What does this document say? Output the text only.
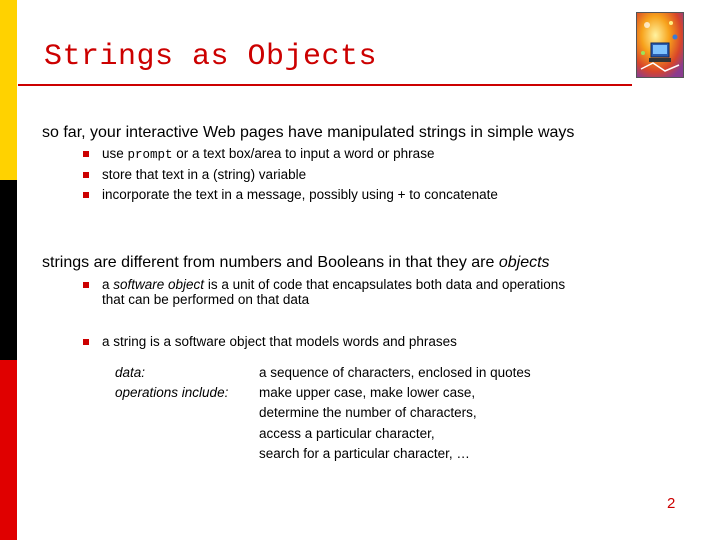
Strings as Objects
so far, your interactive Web pages have manipulated strings in simple ways
use prompt or a text box/area to input a word or phrase
store that text in a (string) variable
incorporate the text in a message, possibly using + to concatenate
strings are different from numbers and Booleans in that they are objects
a software object is a unit of code that encapsulates both data and operations
that can be performed on that data
a string is a software object that models words and phrases
data:	a sequence of characters, enclosed in quotes
operations include: make upper case, make lower case,
determine the number of characters,
access a particular character,
search for a particular character, …
2
